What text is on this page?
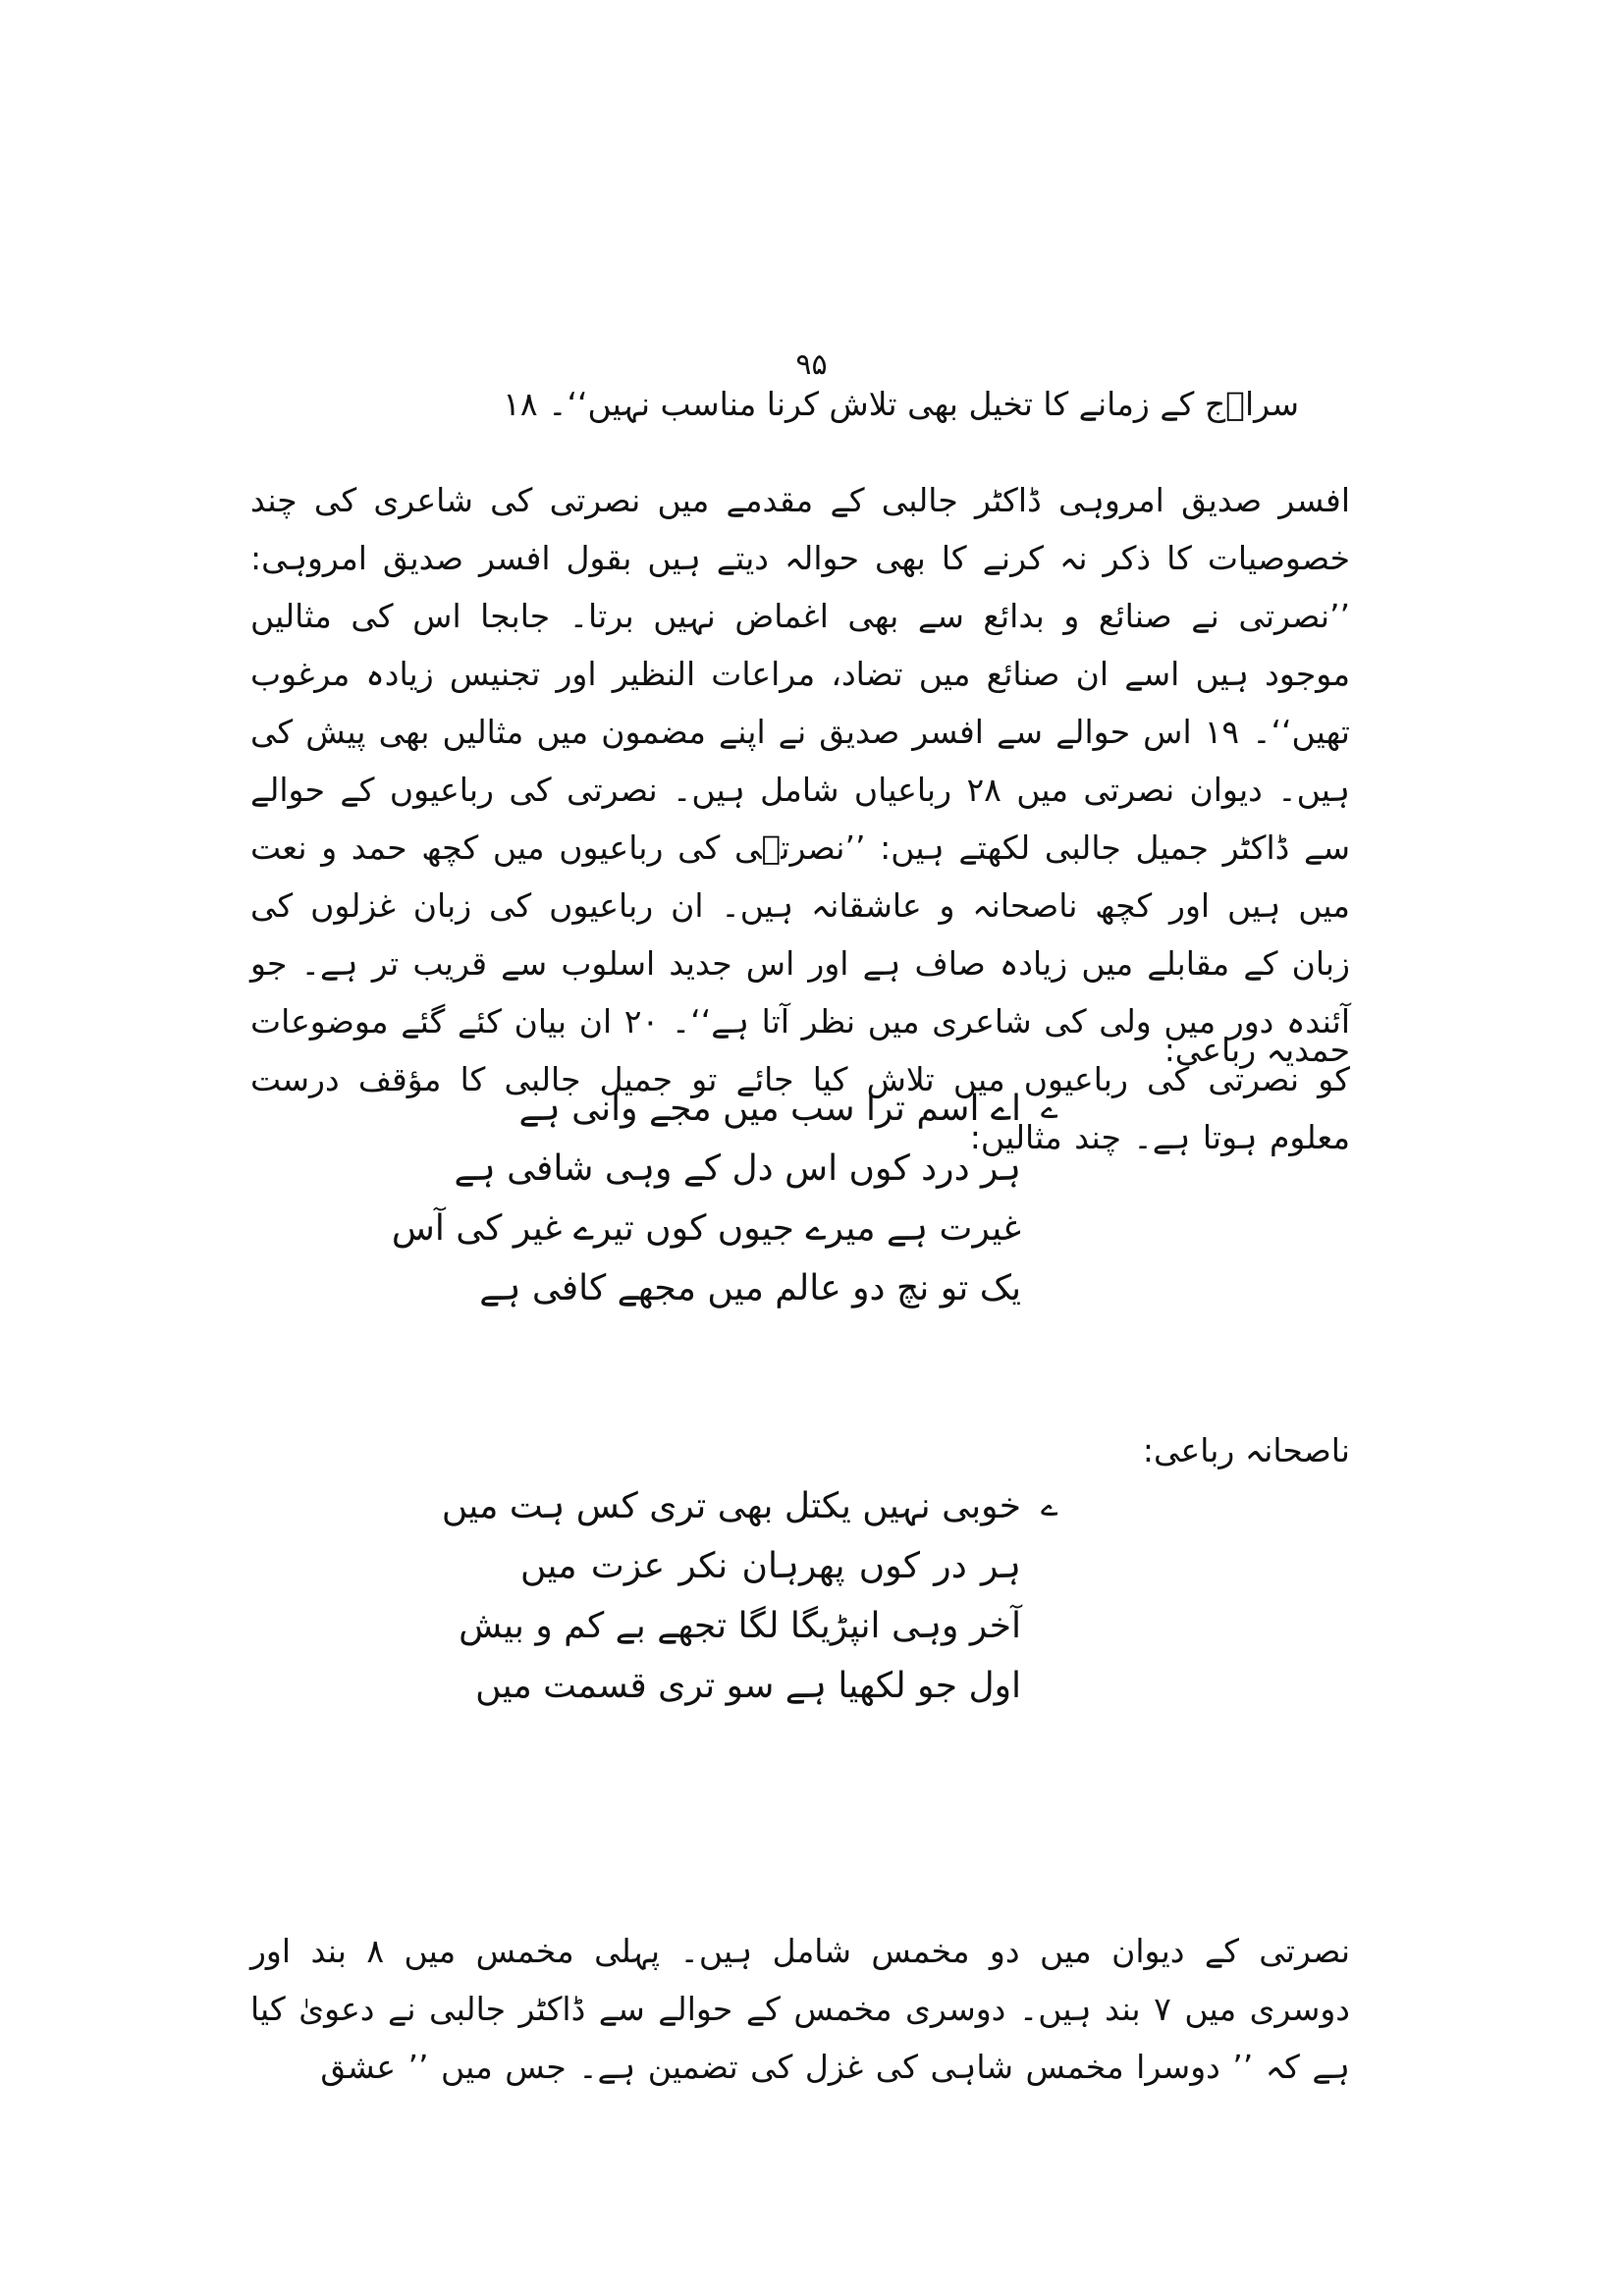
۹۵
سراؔج کے زمانے کا تخیل بھی تلاش کرنا مناسب نہیں‘‘۔ ۱۸
افسر صدیق امروہی ڈاکٹر جالبی کے مقدمے میں نصرتی کی شاعری کی چند خصوصیات کا ذکر نہ کرنے کا بھی حوالہ دیتے ہیں بقول افسر صدیق امروہی: ’’نصرتی نے صنائع و بدائع سے بھی اغماض نہیں برتا۔ جابجا اس کی مثالیں موجود ہیں اسے ان صنائع میں تضاد، مراعات النظیر اور تجنیس زیادہ مرغوب تھیں‘‘۔ ۱۹ اس حوالے سے افسر صدیق نے اپنے مضمون میں مثالیں بھی پیش کی ہیں۔ دیوان نصرتی میں ۲۸ رباعیاں شامل ہیں۔ نصرتی کی رباعیوں کے حوالے سے ڈاکٹر جمیل جالبی لکھتے ہیں: ’’نصرتؔی کی رباعیوں میں کچھ حمد و نعت میں ہیں اور کچھ ناصحانہ و عاشقانہ ہیں۔ ان رباعیوں کی زبان غزلوں کی زبان کے مقابلے میں زیادہ صاف ہے اور اس جدید اسلوب سے قریب تر ہے۔ جو آئندہ دور میں ولی کی شاعری میں نظر آتا ہے‘‘۔ ۲۰ ان بیان کئے گئے موضوعات کو نصرتی کی رباعیوں میں تلاش کیا جائے تو جمیل جالبی کا مؤقف درست معلوم ہوتا ہے۔ چند مثالیں:
حمدیہ رباعی:
ے
اے اسم ترا سب میں مجے وانی ہے
ہر درد کوں اس دل کے وہی شافی ہے
غیرت ہے میرے جیوں کوں تیرے غیر کی آس
یک تو نچ دو عالم میں مجھے کافی ہے
ناصحانہ رباعی:
ے
خوبی نہیں یکتل بھی تری کس ہت میں
ہر در کوں پھرہان نکر عزت میں
آخر وہی انپڑیگا لگا تجھے بے کم و بیش
اول جو لکھیا ہے سو تری قسمت میں
نصرتی کے دیوان میں دو مخمس شامل ہیں۔ پہلی مخمس میں ۸ بند اور دوسری میں ۷ بند ہیں۔ دوسری مخمس کے حوالے سے ڈاکٹر جالبی نے دعویٰ کیا ہے کہ ’’ دوسرا مخمس شاہی کی غزل کی تضمین ہے۔ جس میں ’’ عشق
